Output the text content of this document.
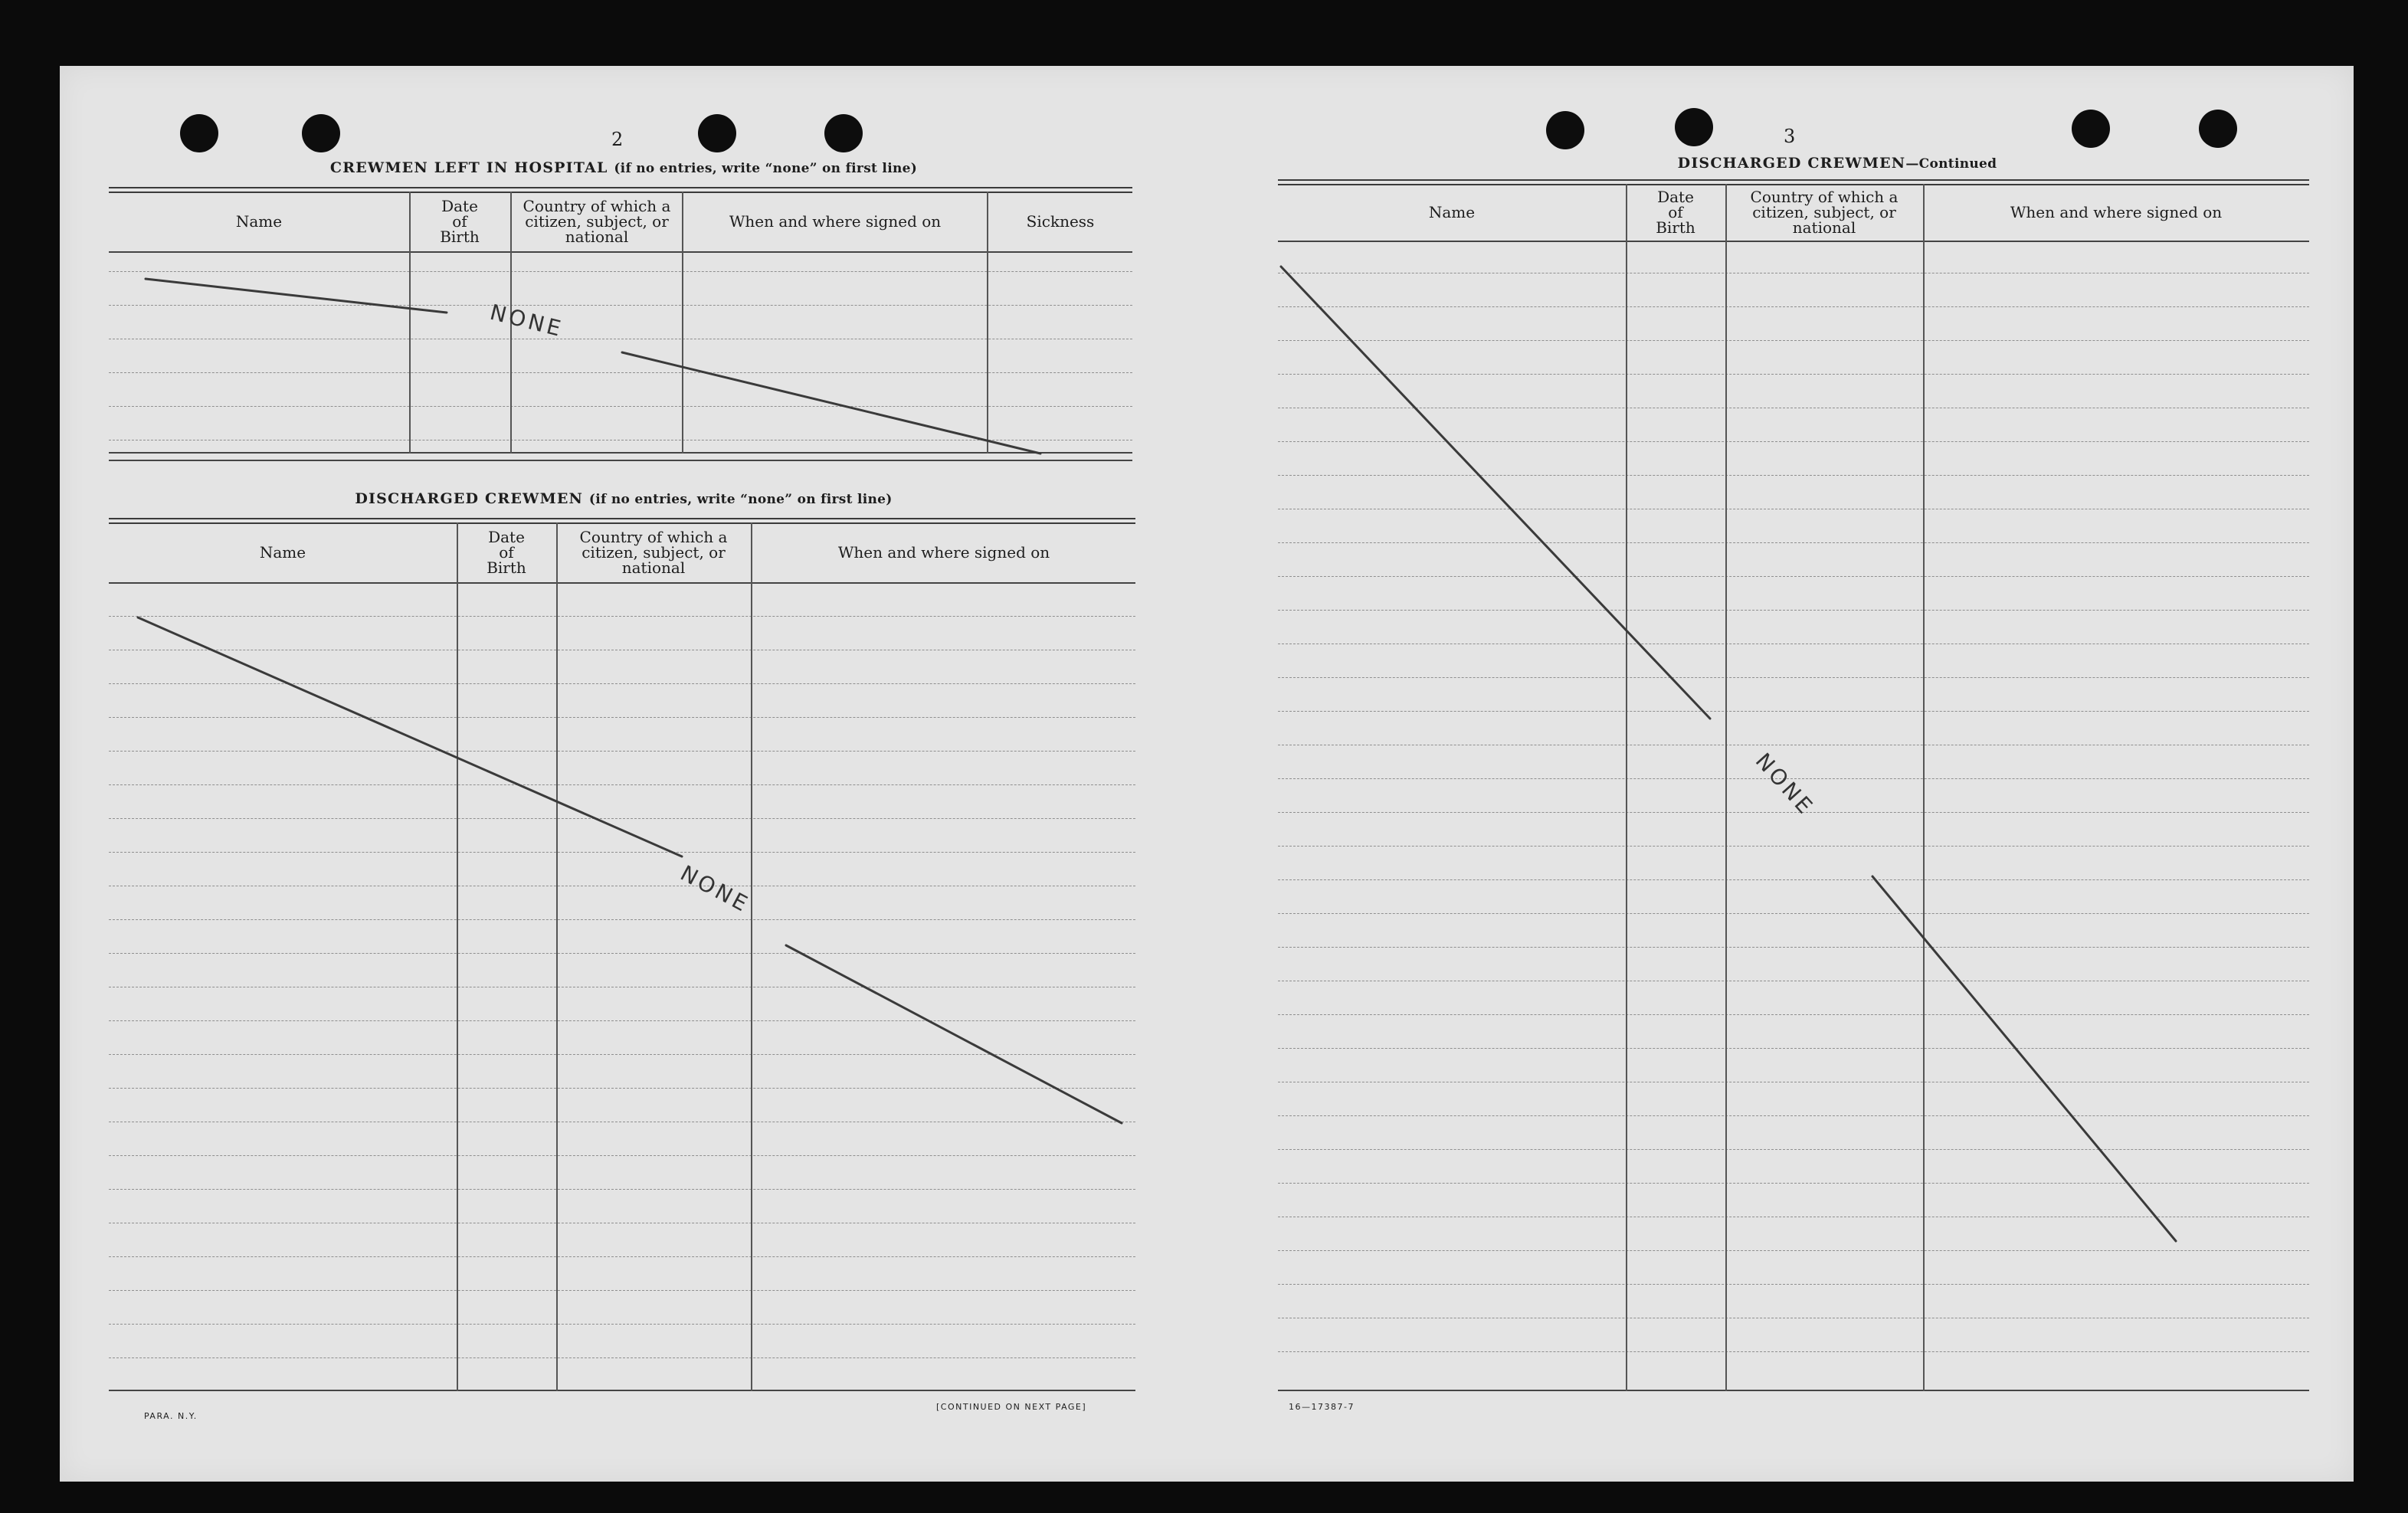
2
CREWMEN LEFT IN HOSPITAL (if no entries, write “none” on first line)
Name
Date of Birth
Country of which a citizen, subject, or national
When and where signed on	Sickness
DISCHARGED CREWMEN (if no entries, write “none” on first line)
Name
Date of Birth
Country of which a citizen, subject, or national
When and where signed on
PARA. N.Y.
[CONTINUED ON NEXT PAGE]
3
DISCHARGED CREWMEN—Continued
Name
Date of Birth
Country of which a citizen, subject, or national
When and where signed on
16—17387-7
NONE
NONE
NONE
